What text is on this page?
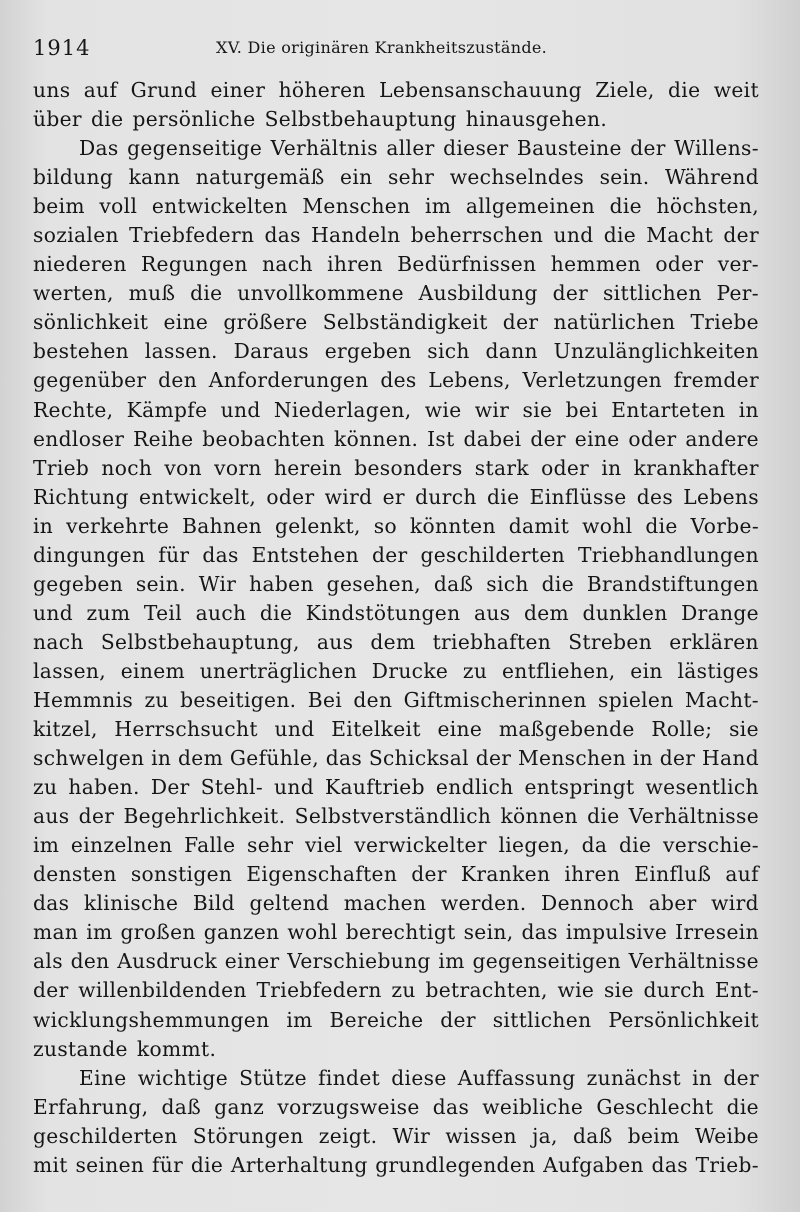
1914	XV. Die originären Krankheitszustände.
uns auf Grund einer höheren Lebensanschauung Ziele, die weit
über die persönliche Selbstbehauptung hinausgehen.
Das gegenseitige Verhältnis aller dieser Bausteine der Willens-
bildung kann naturgemäß ein sehr wechselndes sein. Während
beim voll entwickelten Menschen im allgemeinen die höchsten,
sozialen Triebfedern das Handeln beherrschen und die Macht der
niederen Regungen nach ihren Bedürfnissen hemmen oder ver-
werten, muß die unvollkommene Ausbildung der sittlichen Per-
sönlichkeit eine größere Selbständigkeit der natürlichen Triebe
bestehen lassen. Daraus ergeben sich dann Unzulänglichkeiten
gegenüber den Anforderungen des Lebens, Verletzungen fremder
Rechte, Kämpfe und Niederlagen, wie wir sie bei Entarteten in
endloser Reihe beobachten können. Ist dabei der eine oder andere
Trieb noch von vorn herein besonders stark oder in krankhafter
Richtung entwickelt, oder wird er durch die Einflüsse des Lebens
in verkehrte Bahnen gelenkt, so könnten damit wohl die Vorbe-
dingungen für das Entstehen der geschilderten Triebhandlungen
gegeben sein. Wir haben gesehen, daß sich die Brandstiftungen
und zum Teil auch die Kindstötungen aus dem dunklen Drange
nach Selbstbehauptung, aus dem triebhaften Streben erklären
lassen, einem unerträglichen Drucke zu entfliehen, ein lästiges
Hemmnis zu beseitigen. Bei den Giftmischerinnen spielen Macht-
kitzel, Herrschsucht und Eitelkeit eine maßgebende Rolle; sie
schwelgen in dem Gefühle, das Schicksal der Menschen in der Hand
zu haben. Der Stehl- und Kauftrieb endlich entspringt wesentlich
aus der Begehrlichkeit. Selbstverständlich können die Verhältnisse
im einzelnen Falle sehr viel verwickelter liegen, da die verschie-
densten sonstigen Eigenschaften der Kranken ihren Einfluß auf
das klinische Bild geltend machen werden. Dennoch aber wird
man im großen ganzen wohl berechtigt sein, das impulsive Irresein
als den Ausdruck einer Verschiebung im gegenseitigen Verhältnisse
der willenbildenden Triebfedern zu betrachten, wie sie durch Ent-
wicklungshemmungen im Bereiche der sittlichen Persönlichkeit
zustande kommt.
Eine wichtige Stütze findet diese Auffassung zunächst in der
Erfahrung, daß ganz vorzugsweise das weibliche Geschlecht die
geschilderten Störungen zeigt. Wir wissen ja, daß beim Weibe
mit seinen für die Arterhaltung grundlegenden Aufgaben das Trieb-
